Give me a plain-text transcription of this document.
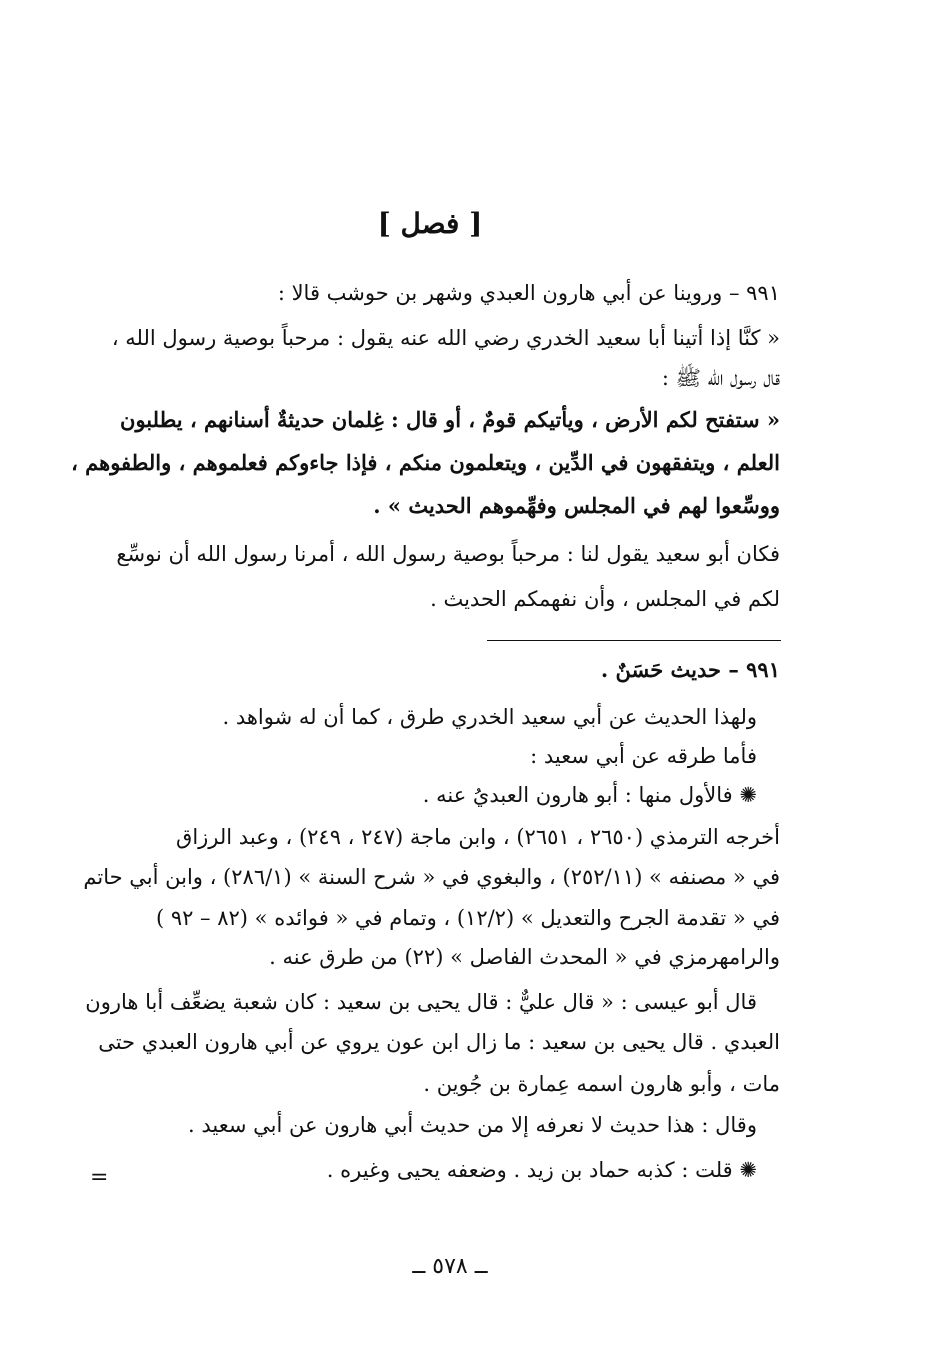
[ فصل ]
٩٩١ – وروينا عن أبي هارون العبدي وشهر بن حوشب قالا :
« كنَّا إذا أتينا أبا سعيد الخدري رضي الله عنه يقول : مرحباً بوصية رسول الله ،
قال رسول الله ﷺ :
« ستفتح لكم الأرض ، ويأتيكم قومٌ ، أو قال : غِلمان حديثةٌ أسنانهم ، يطلبون
العلم ، ويتفقهون في الدِّين ، ويتعلمون منكم ، فإذا جاءوكم فعلموهم ، والطفوهم ،
ووسِّعوا لهم في المجلس وفهِّموهم الحديث » .
فكان أبو سعيد يقول لنا : مرحباً بوصية رسول الله ، أمرنا رسول الله أن نوسِّع
لكم في المجلس ، وأن نفهمكم الحديث .
٩٩١ – حديث حَسَنٌ .
ولهذا الحديث عن أبي سعيد الخدري طرق ، كما أن له شواهد .
فأما طرقه عن أبي سعيد :
✺ فالأول منها : أبو هارون العبديُ عنه .
أخرجه الترمذي (٢٦٥٠ ، ٢٦٥١) ، وابن ماجة (٢٤٧ ، ٢٤٩) ، وعبد الرزاق
في « مصنفه » (٢٥٢/١١) ، والبغوي في « شرح السنة » (٢٨٦/١) ، وابن أبي حاتم
في « تقدمة الجرح والتعديل » (١٢/٢) ، وتمام في « فوائده » (٨٢ – ٩٢ )
والرامهرمزي في « المحدث الفاصل » (٢٢) من طرق عنه .
قال أبو عيسى : « قال عليٌّ : قال يحيى بن سعيد : كان شعبة يضعِّف أبا هارون
العبدي . قال يحيى بن سعيد : ما زال ابن عون يروي عن أبي هارون العبدي حتى
مات ، وأبو هارون اسمه عِمارة بن جُوين .
وقال : هذا حديث لا نعرفه إلا من حديث أبي هارون عن أبي سعيد .
✺ قلت : كذبه حماد بن زيد . وضعفه يحيى وغيره .
=
ــ ٥٧٨ ــ
